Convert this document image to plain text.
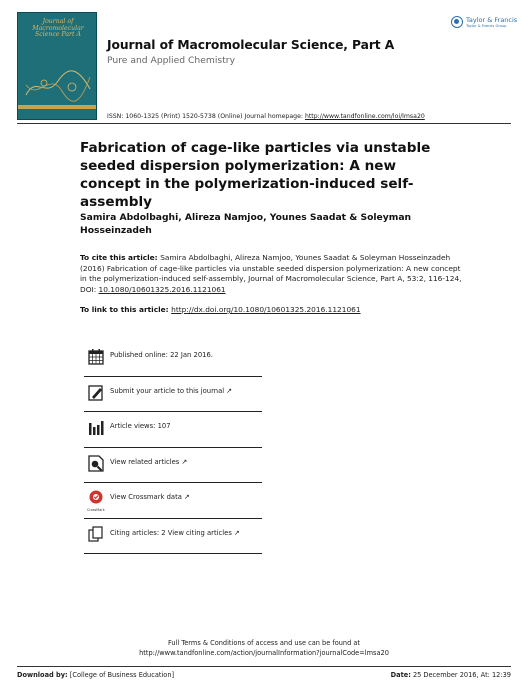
Journal of Macromolecular Science Part A
Journal of Macromolecular Science, Part A
Pure and Applied Chemistry
Taylor & Francis
Taylor & Francis Group
ISSN: 1060-1325 (Print) 1520-5738 (Online) Journal homepage: http://www.tandfonline.com/loi/lmsa20
Fabrication of cage-like particles via unstable seeded dispersion polymerization: A new concept in the polymerization-induced self-assembly
Samira Abdolbaghi, Alireza Namjoo, Younes Saadat & Soleyman Hosseinzadeh
To cite this article: Samira Abdolbaghi, Alireza Namjoo, Younes Saadat & Soleyman Hosseinzadeh (2016) Fabrication of cage-like particles via unstable seeded dispersion polymerization: A new concept in the polymerization-induced self-assembly, Journal of Macromolecular Science, Part A, 53:2, 116-124, DOI: 10.1080/10601325.2016.1121061
To link to this article: http://dx.doi.org/10.1080/10601325.2016.1121061
Published online: 22 Jan 2016.
Submit your article to this journal ↗
Article views: 107
View related articles ↗
CrossMark
View Crossmark data ↗
Citing articles: 2 View citing articles ↗
Full Terms & Conditions of access and use can be found at
http://www.tandfonline.com/action/journalInformation?journalCode=lmsa20
Download by: [College of Business Education]	Date: 25 December 2016, At: 12:39
